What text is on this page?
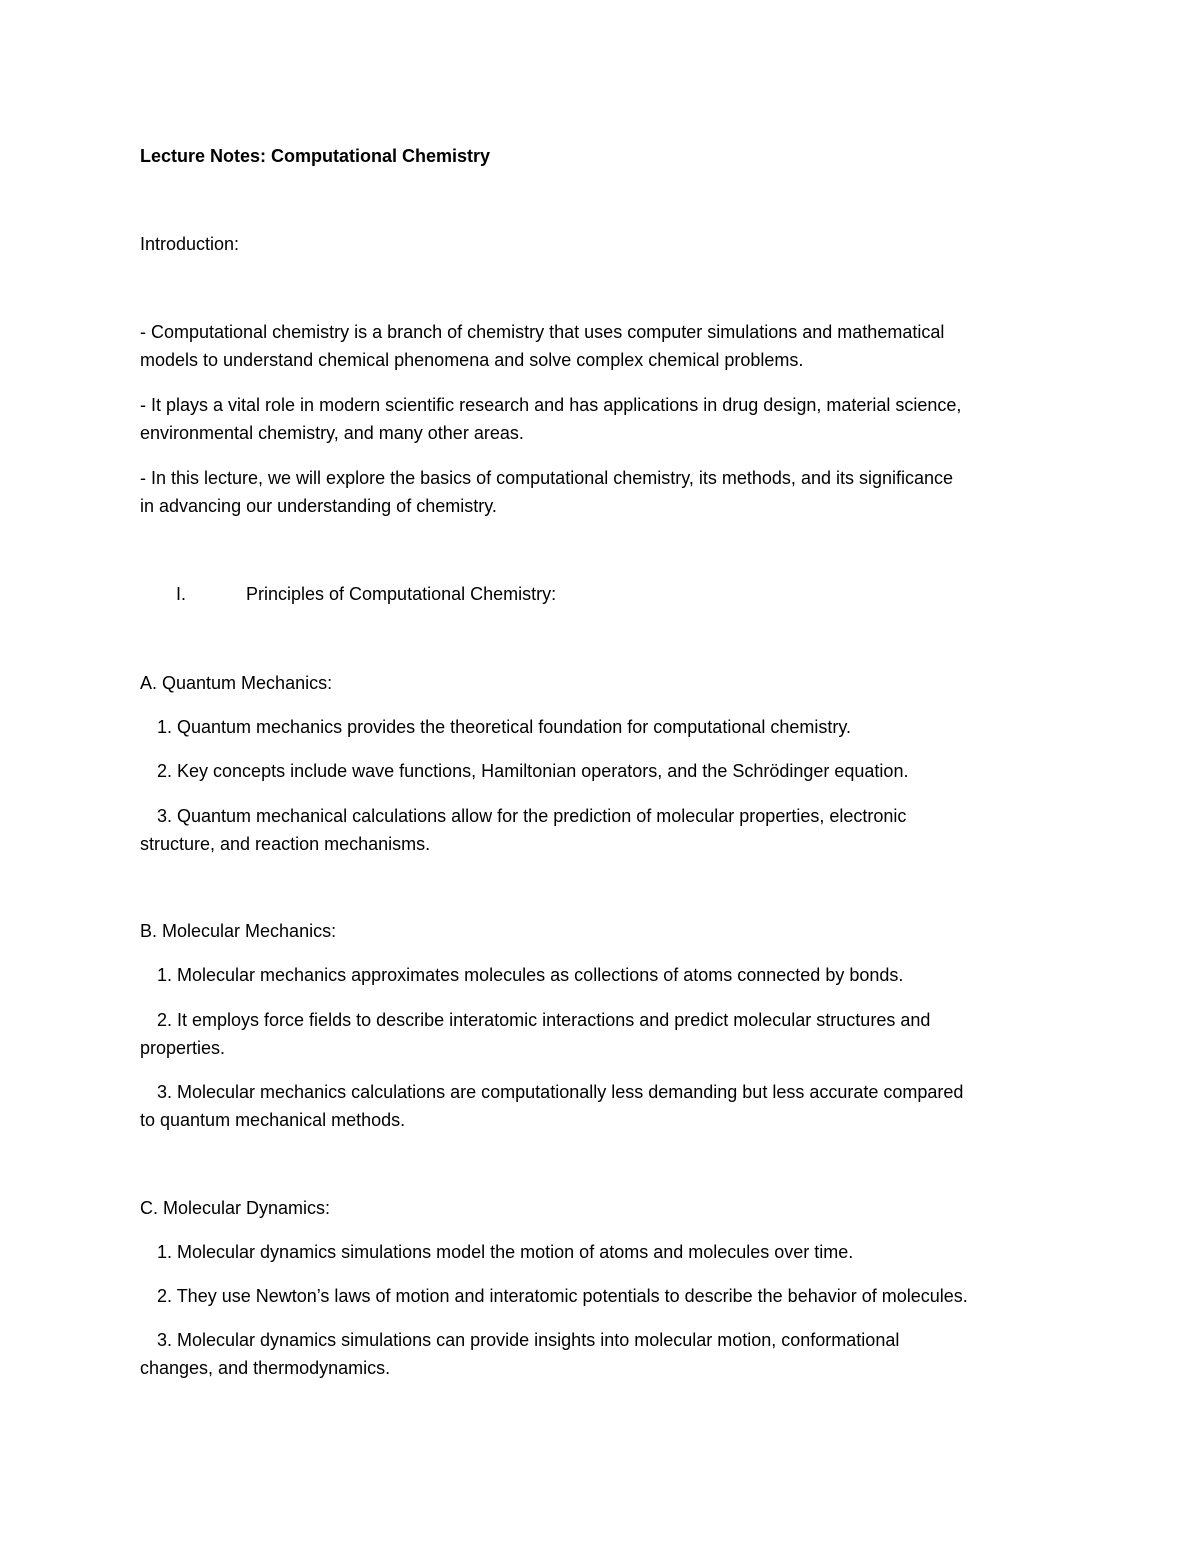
Lecture Notes: Computational Chemistry
Introduction:
- Computational chemistry is a branch of chemistry that uses computer simulations and mathematical
models to understand chemical phenomena and solve complex chemical problems.
- It plays a vital role in modern scientific research and has applications in drug design, material science,
environmental chemistry, and many other areas.
- In this lecture, we will explore the basics of computational chemistry, its methods, and its significance
in advancing our understanding of chemistry.
I.	Principles of Computational Chemistry:
A. Quantum Mechanics:
1. Quantum mechanics provides the theoretical foundation for computational chemistry.
2. Key concepts include wave functions, Hamiltonian operators, and the Schrödinger equation.
3. Quantum mechanical calculations allow for the prediction of molecular properties, electronic
structure, and reaction mechanisms.
B. Molecular Mechanics:
1. Molecular mechanics approximates molecules as collections of atoms connected by bonds.
2. It employs force fields to describe interatomic interactions and predict molecular structures and
properties.
3. Molecular mechanics calculations are computationally less demanding but less accurate compared
to quantum mechanical methods.
C. Molecular Dynamics:
1. Molecular dynamics simulations model the motion of atoms and molecules over time.
2. They use Newton’s laws of motion and interatomic potentials to describe the behavior of molecules.
3. Molecular dynamics simulations can provide insights into molecular motion, conformational
changes, and thermodynamics.
